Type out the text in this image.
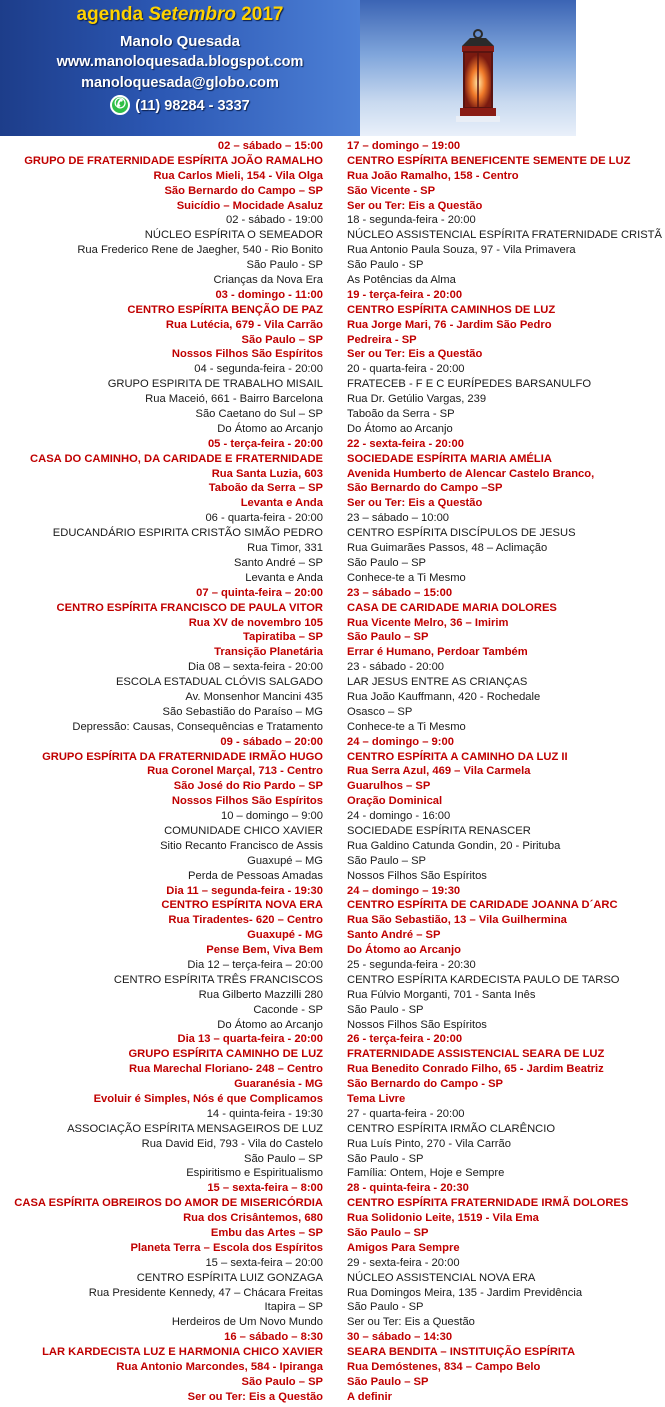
agenda Setembro 2017
Manolo Quesada
www.manoloquesada.blogspot.com
manoloquesada@globo.com
✆(11) 98284 - 3337
02 – sábado – 15:00
GRUPO DE FRATERNIDADE ESPÍRITA JOÃO RAMALHO
Rua Carlos Mieli, 154 - Vila Olga
São Bernardo do Campo – SP
Suicídio – Mocidade Asaluz
02 - sábado - 19:00
NÚCLEO ESPÍRITA O SEMEADOR
Rua Frederico Rene de Jaegher, 540 - Rio Bonito
São Paulo - SP
Crianças da Nova Era
03 - domingo - 11:00
CENTRO ESPÍRITA BENÇÃO DE PAZ
Rua Lutécia, 679 - Vila Carrão
São Paulo – SP
Nossos Filhos São Espíritos
04 - segunda-feira - 20:00
GRUPO ESPIRITA DE TRABALHO MISAIL
Rua Maceió, 661 - Bairro Barcelona
São Caetano do Sul – SP
Do Átomo ao Arcanjo
05 - terça-feira - 20:00
CASA DO CAMINHO, DA CARIDADE E FRATERNIDADE
Rua Santa Luzia, 603
Taboão da Serra – SP
Levanta e Anda
06 - quarta-feira - 20:00
EDUCANDÁRIO ESPIRITA CRISTÃO SIMÃO PEDRO
Rua Timor, 331
Santo André – SP
Levanta e Anda
07 – quinta-feira – 20:00
CENTRO ESPÍRITA FRANCISCO DE PAULA VITOR
Rua XV de novembro 105
Tapiratiba – SP
Transição Planetária
Dia 08 – sexta-feira - 20:00
ESCOLA ESTADUAL CLÓVIS SALGADO
Av. Monsenhor Mancini 435
São Sebastião do Paraíso – MG
Depressão: Causas, Consequências e Tratamento
09 - sábado – 20:00
GRUPO ESPÍRITA DA FRATERNIDADE IRMÃO HUGO
Rua Coronel Marçal, 713 - Centro
São José do Rio Pardo – SP
Nossos Filhos São Espíritos
10 – domingo – 9:00
COMUNIDADE CHICO XAVIER
Sitio Recanto Francisco de Assis
Guaxupé – MG
Perda de Pessoas Amadas
Dia 11 – segunda-feira - 19:30
CENTRO ESPÍRITA NOVA ERA
Rua Tiradentes- 620 – Centro
Guaxupé - MG
Pense Bem, Viva Bem
Dia 12 – terça-feira – 20:00
CENTRO ESPÍRITA TRÊS FRANCISCOS
Rua Gilberto Mazzilli 280
Caconde - SP
Do Átomo ao Arcanjo
Dia 13 – quarta-feira - 20:00
GRUPO ESPÍRITA CAMINHO DE LUZ
Rua Marechal Floriano- 248 – Centro
Guaranésia - MG
Evoluir é Simples, Nós é que Complicamos
14 - quinta-feira - 19:30
ASSOCIAÇÃO ESPÍRITA MENSAGEIROS DE LUZ
Rua David Eid, 793 - Vila do Castelo
São Paulo – SP
Espiritismo e Espiritualismo
15 – sexta-feira – 8:00
CASA ESPÍRITA OBREIROS DO AMOR DE MISERICÓRDIA
Rua dos Crisântemos, 680
Embu das Artes – SP
Planeta Terra – Escola dos Espíritos
15 – sexta-feira – 20:00
CENTRO ESPÍRITA LUIZ GONZAGA
Rua Presidente Kennedy, 47 – Chácara Freitas
Itapira – SP
Herdeiros de Um Novo Mundo
16 – sábado – 8:30
LAR KARDECISTA LUZ E HARMONIA CHICO XAVIER
Rua Antonio Marcondes, 584 - Ipiranga
São Paulo – SP
Ser ou Ter: Eis a Questão
17 – domingo – 19:00
CENTRO ESPÍRITA BENEFICENTE SEMENTE DE LUZ
Rua João Ramalho, 158 - Centro
São Vicente - SP
Ser ou Ter: Eis a Questão
18 - segunda-feira - 20:00
NÚCLEO ASSISTENCIAL ESPÍRITA FRATERNIDADE CRISTÃ
Rua Antonio Paula Souza, 97 - Vila Primavera
São Paulo - SP
As Potências da Alma
19 - terça-feira - 20:00
CENTRO ESPÍRITA CAMINHOS DE LUZ
Rua Jorge Mari, 76 - Jardim São Pedro
Pedreira - SP
Ser ou Ter: Eis a Questão
20 - quarta-feira - 20:00
FRATECEB - F E C EURÍPEDES BARSANULFO
Rua Dr. Getúlio Vargas, 239
Taboão da Serra - SP
Do Átomo ao Arcanjo
22 - sexta-feira - 20:00
SOCIEDADE ESPÍRITA MARIA AMÉLIA
Avenida Humberto de Alencar Castelo Branco,
São Bernardo do Campo –SP
Ser ou Ter: Eis a Questão
23 – sábado – 10:00
CENTRO ESPÍRITA DISCÍPULOS DE JESUS
Rua Guimarães Passos, 48 – Aclimação
São Paulo – SP
Conhece-te a Ti Mesmo
23 – sábado – 15:00
CASA DE CARIDADE MARIA DOLORES
Rua Vicente Melro, 36 – Imirim
São Paulo – SP
Errar é Humano, Perdoar Também
23 - sábado - 20:00
LAR JESUS ENTRE AS CRIANÇAS
Rua João Kauffmann, 420 - Rochedale
Osasco – SP
Conhece-te a Ti Mesmo
24 – domingo – 9:00
CENTRO ESPÍRITA A CAMINHO DA LUZ II
Rua Serra Azul, 469 – Vila Carmela
Guarulhos – SP
Oração Dominical
24 - domingo - 16:00
SOCIEDADE ESPÍRITA RENASCER
Rua Galdino Catunda Gondin, 20 - Pirituba
São Paulo – SP
Nossos Filhos São Espíritos
24 – domingo – 19:30
CENTRO ESPÍRITA DE CARIDADE JOANNA D´ARC
Rua São Sebastião, 13 – Vila Guilhermina
Santo André – SP
Do Átomo ao Arcanjo
25 - segunda-feira - 20:30
CENTRO ESPÍRITA KARDECISTA PAULO DE TARSO
Rua Fúlvio Morganti, 701 - Santa Inês
São Paulo - SP
Nossos Filhos São Espíritos
26 - terça-feira - 20:00
FRATERNIDADE ASSISTENCIAL SEARA DE LUZ
Rua Benedito Conrado Filho, 65 - Jardim Beatriz
São Bernardo do Campo - SP
Tema Livre
27 - quarta-feira - 20:00
CENTRO ESPÍRITA IRMÃO CLARÊNCIO
Rua Luís Pinto, 270 - Vila Carrão
São Paulo - SP
Família: Ontem, Hoje e Sempre
28 - quinta-feira - 20:30
CENTRO ESPÍRITA FRATERNIDADE IRMÃ DOLORES
Rua Solidonio Leite, 1519 - Vila Ema
São Paulo – SP
Amigos Para Sempre
29 - sexta-feira - 20:00
NÚCLEO ASSISTENCIAL NOVA ERA
Rua Domingos Meira, 135 - Jardim Previdência
São Paulo - SP
Ser ou Ter: Eis a Questão
30 – sábado – 14:30
SEARA BENDITA – INSTITUIÇÃO ESPÍRITA
Rua Demóstenes, 834 – Campo Belo
São Paulo – SP
A definir
